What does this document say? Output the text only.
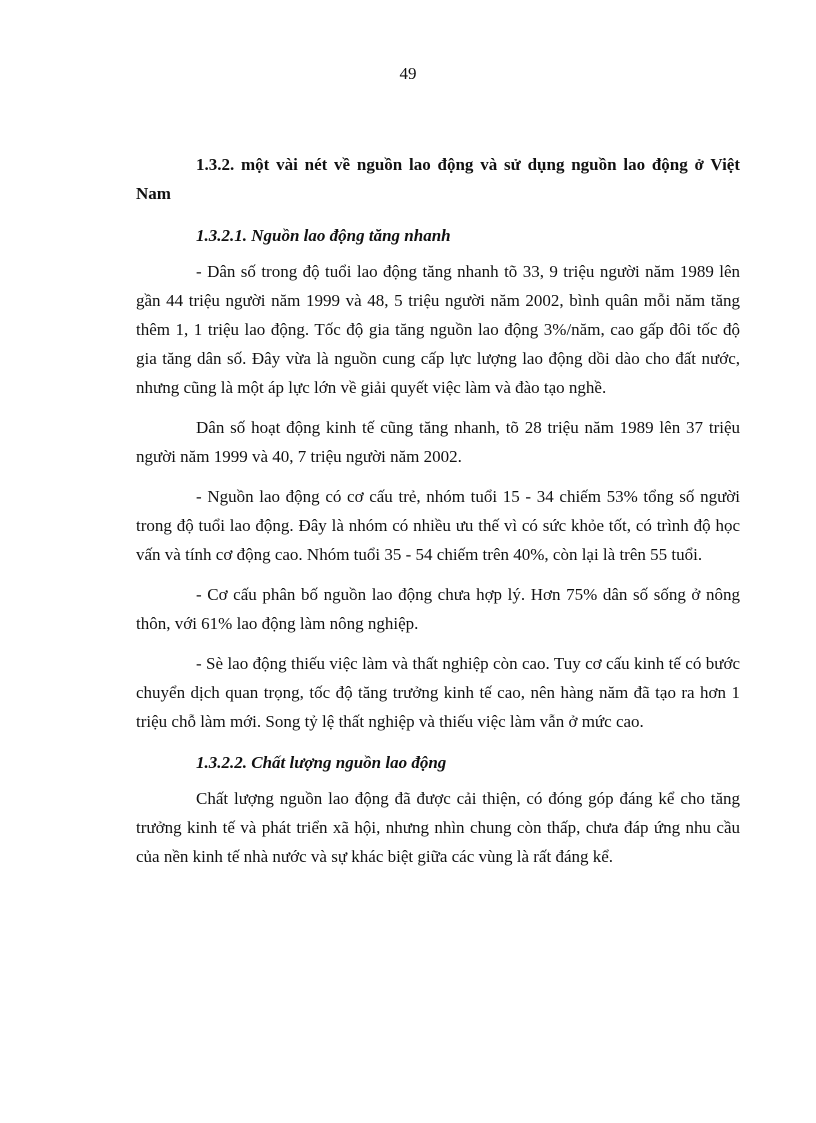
49

1.3.2. một vài nét về nguồn lao động và sử dụng nguồn lao động ở Việt Nam

1.3.2.1. Nguồn lao động tăng nhanh

- Dân số trong độ tuổi lao động tăng nhanh tõ 33, 9 triệu người năm 1989 lên gần 44 triệu người năm 1999 và 48, 5 triệu người năm 2002, bình quân mỗi năm tăng thêm 1, 1 triệu lao động. Tốc độ gia tăng nguồn lao động 3%/năm, cao gấp đôi tốc độ gia tăng dân số. Đây vừa là nguồn cung cấp lực lượng lao động dồi dào cho đất nước, nhưng cũng là một áp lực lớn về giải quyết việc làm và đào tạo nghề.

Dân số hoạt động kinh tế cũng tăng nhanh, tõ 28 triệu năm 1989 lên 37 triệu người năm 1999 và 40, 7 triệu người năm 2002.

- Nguồn lao động có cơ cấu trẻ, nhóm tuổi 15 - 34 chiếm 53% tổng số người trong độ tuổi lao động. Đây là nhóm có nhiều ưu thế vì có sức khỏe tốt, có trình độ học vấn và tính cơ động cao. Nhóm tuổi 35 - 54 chiếm trên 40%, còn lại là trên 55 tuổi.

- Cơ cấu phân bố nguồn lao động chưa hợp lý. Hơn 75% dân số sống ở nông thôn, với 61% lao động làm nông nghiệp.

- Sè lao động thiếu việc làm và thất nghiệp còn cao. Tuy cơ cấu kinh tế có bước chuyển dịch quan trọng, tốc độ tăng trưởng kinh tế cao, nên hàng năm đã tạo ra hơn 1 triệu chỗ làm mới. Song tỷ lệ thất nghiệp và thiếu việc làm vẫn ở mức cao.

1.3.2.2. Chất lượng nguồn lao động

Chất lượng nguồn lao động đã được cải thiện, có đóng góp đáng kể cho tăng trưởng kinh tế và phát triển xã hội, nhưng nhìn chung còn thấp, chưa đáp ứng nhu cầu của nền kinh tế nhà nước và sự khác biệt giữa các vùng là rất đáng kể.
